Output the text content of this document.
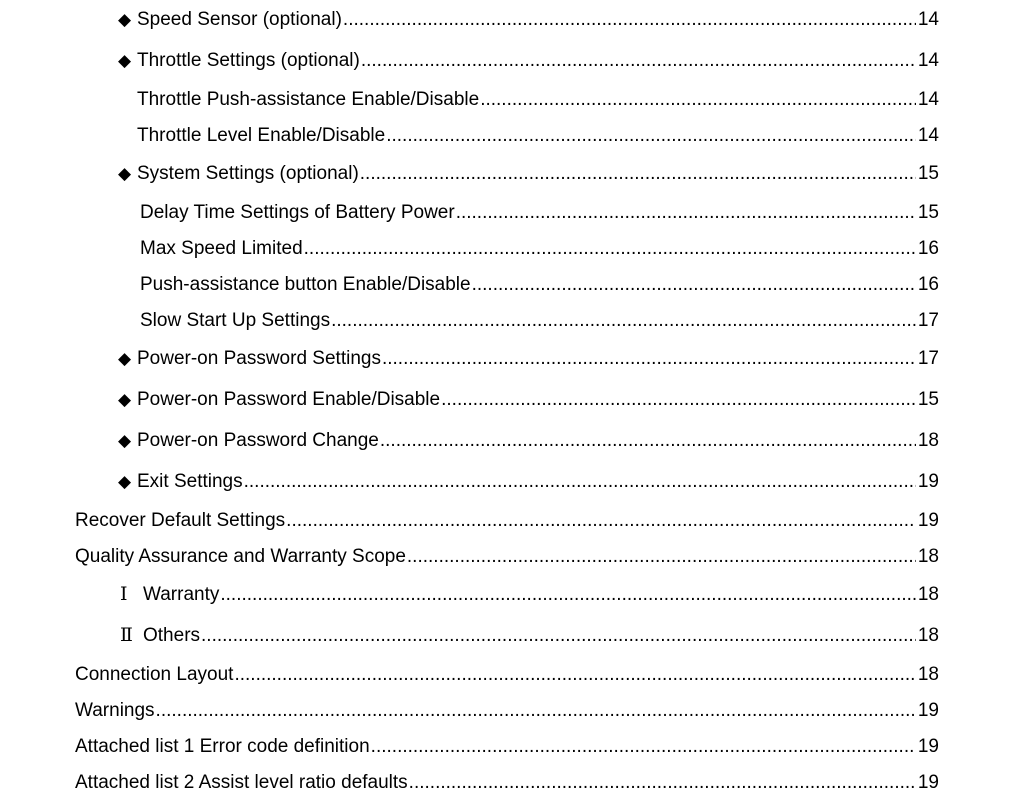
◆ Speed Sensor (optional) .....	14
◆ Throttle Settings (optional) .....	14
Throttle Push-assistance Enable/Disable .....	14
Throttle Level Enable/Disable .....	14
◆ System Settings (optional) .....	15
Delay Time Settings of Battery Power .....	15
Max Speed Limited .....	16
Push-assistance button Enable/Disable .....	16
Slow Start Up Settings .....	17
◆ Power-on Password Settings .....	17
◆ Power-on Password Enable/Disable .....	15
◆ Power-on Password Change .....	18
◆ Exit Settings .....	19
Recover Default Settings .....	19
Quality Assurance and Warranty Scope .....	18
Ⅰ Warranty .....	18
Ⅱ Others .....	18
Connection Layout .....	18
Warnings .....	19
Attached list 1 Error code definition .....	19
Attached list 2 Assist level ratio defaults .....	19
